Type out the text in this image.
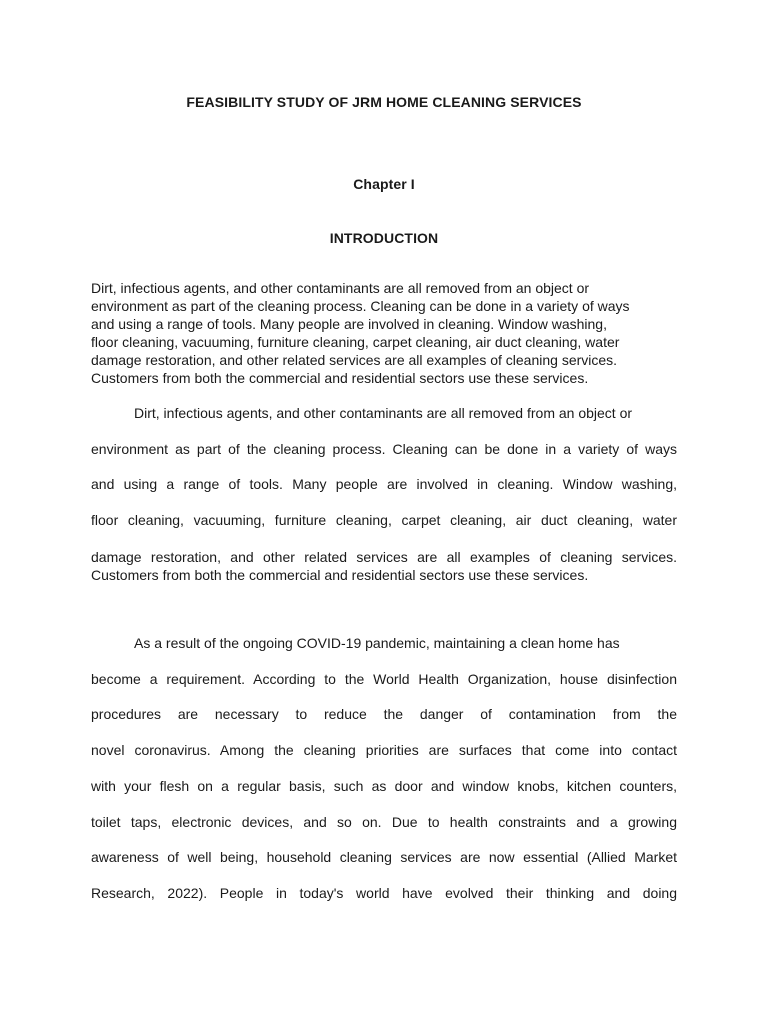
FEASIBILITY STUDY OF JRM HOME CLEANING SERVICES
Chapter I
INTRODUCTION
Dirt, infectious agents, and other contaminants are all removed from an object or
environment as part of the cleaning process. Cleaning can be done in a variety of ways
and using a range of tools. Many people are involved in cleaning. Window washing,
floor cleaning, vacuuming, furniture cleaning, carpet cleaning, air duct cleaning, water
damage restoration, and other related services are all examples of cleaning services.
Customers from both the commercial and residential sectors use these services.
Dirt, infectious agents, and other contaminants are all removed from an object or
environment as part of the cleaning process. Cleaning can be done in a variety of ways
and using a range of tools. Many people are involved in cleaning. Window washing,
floor cleaning, vacuuming, furniture cleaning, carpet cleaning, air duct cleaning, water
damage restoration, and other related services are all examples of cleaning services.
Customers from both the commercial and residential sectors use these services.
As a result of the ongoing COVID-19 pandemic, maintaining a clean home has
become a requirement. According to the World Health Organization, house disinfection
procedures are necessary to reduce the danger of contamination from the
novel coronavirus. Among the cleaning priorities are surfaces that come into contact
with your flesh on a regular basis, such as door and window knobs, kitchen counters,
toilet taps, electronic devices, and so on. Due to health constraints and a growing
awareness of well being, household cleaning services are now essential (Allied Market
Research, 2022). People in today's world have evolved their thinking and doing
